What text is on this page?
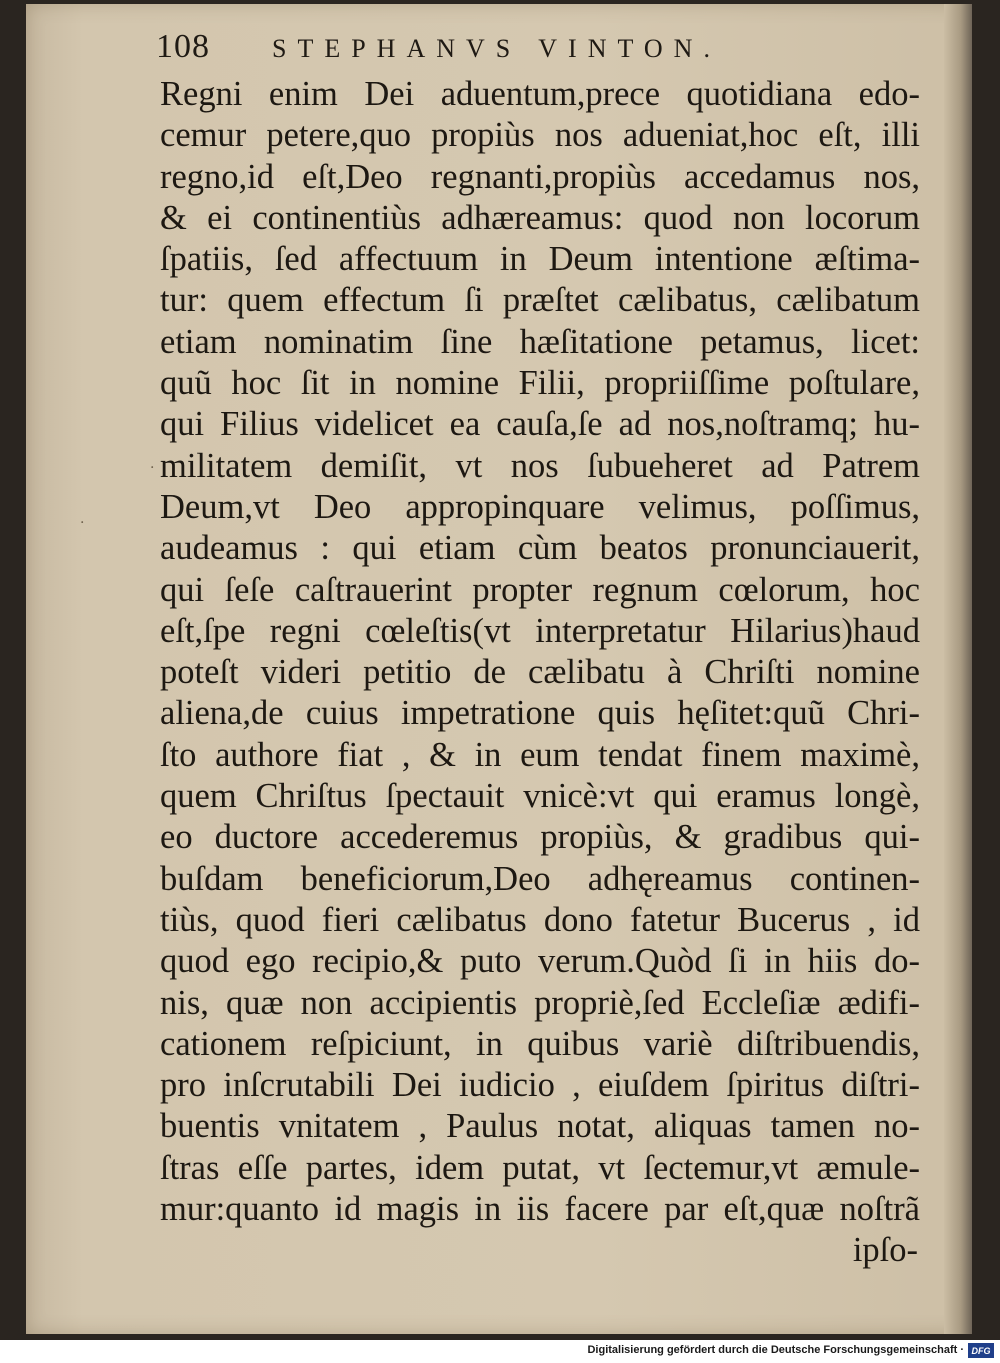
108 STEPHANVS VINTON.
Regni enim Dei aduentum,prece quotidiana edo-
cemur petere,quo propiùs nos adueniat,hoc eſt, illi
regno,id eſt,Deo regnanti,propiùs accedamus nos,
& ei continentiùs adhæreamus: quod non locorum
ſpatiis, ſed affectuum in Deum intentione æſtima-
tur: quem effectum ſi præſtet cælibatus, cælibatum
etiam nominatim ſine hæſitatione petamus, licet:
quũ hoc ſit in nomine Filii, propriiſſime poſtulare,
qui Filius videlicet ea cauſa,ſe ad nos,noſtramq; hu-
militatem demiſit, vt nos ſubueheret ad Patrem
Deum,vt Deo appropinquare velimus, poſſimus,
audeamus : qui etiam cùm beatos pronunciauerit,
qui ſeſe caſtrauerint propter regnum cœlorum, hoc
eſt,ſpe regni cœleſtis(vt interpretatur Hilarius)haud
poteſt videri petitio de cælibatu à Chriſti nomine
aliena,de cuius impetratione quis hęſitet:quũ Chri-
ſto authore fiat , & in eum tendat finem maximè,
quem Chriſtus ſpectauit vnicè:vt qui eramus longè,
eo ductore accederemus propiùs, & gradibus qui-
buſdam beneficiorum,Deo adhęreamus continen-
tiùs, quod fieri cælibatus dono fatetur Bucerus , id
quod ego recipio,& puto verum.Quòd ſi in hiis do-
nis, quæ non accipientis propriè,ſed Eccleſiæ ædifi-
cationem reſpiciunt, in quibus variè diſtribuendis,
pro inſcrutabili Dei iudicio , eiuſdem ſpiritus diſtri-
buentis vnitatem , Paulus notat, aliquas tamen no-
ſtras eſſe partes, idem putat, vt ſectemur,vt æmule-
mur:quanto id magis in iis facere par eſt,quæ noſtrã
ipſo-
·
·
Digitalisierung gefördert durch die Deutsche Forschungsgemeinschaft · DFG
